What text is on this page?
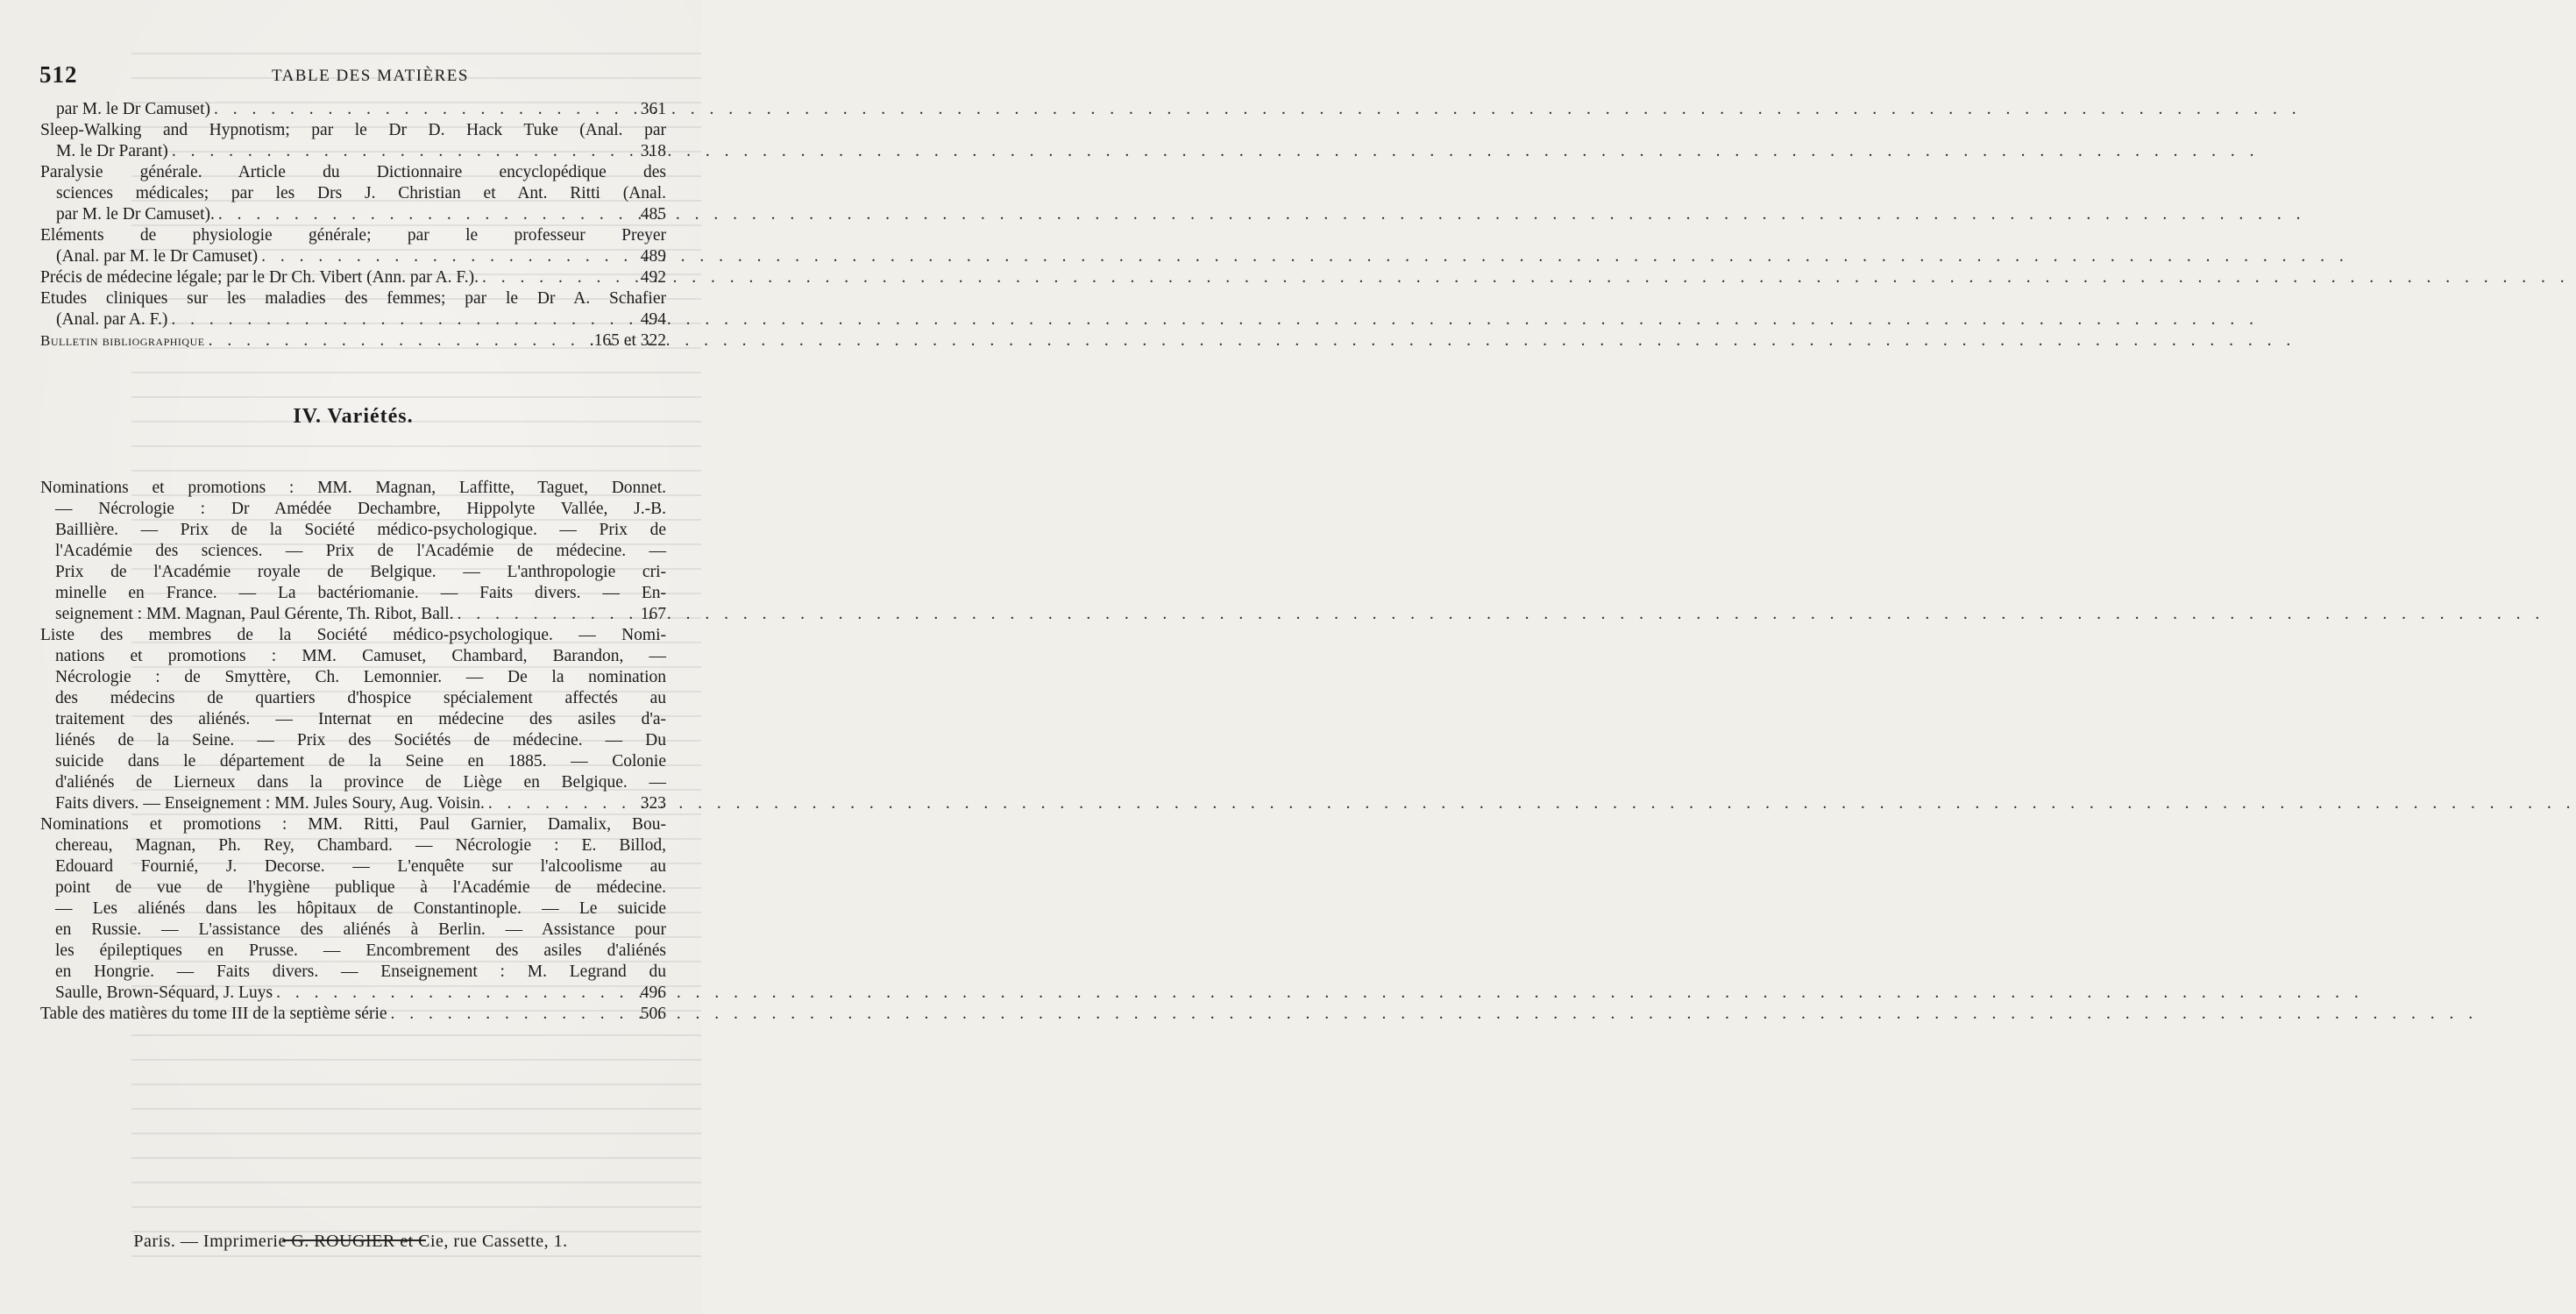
512	TABLE DES MATIÈRES
par M. le Dr Camuset) . . .	361
Sleep-Walking and Hypnotism; par le Dr D. Hack Tuke (Anal. par
M. le Dr Parant) . . .	318
Paralysie générale. Article du Dictionnaire encyclopédique des
sciences médicales; par les Drs J. Christian et Ant. Ritti (Anal.
par M. le Dr Camuset). . . .	485
Eléments de physiologie générale; par le professeur Preyer
(Anal. par M. le Dr Camuset) . . .	489
Précis de médecine légale; par le Dr Ch. Vibert (Ann. par A. F.). . . .	492
Etudes cliniques sur les maladies des femmes; par le Dr A. Schafier
(Anal. par A. F.) . . .	494
Bulletin bibliographique . . .	.165 et 322
IV. Variétés.
Nominations et promotions : MM. Magnan, Laffitte, Taguet, Donnet.
— Nécrologie : Dr Amédée Dechambre, Hippolyte Vallée, J.-B.
Baillière. — Prix de la Société médico-psychologique. — Prix de
l'Académie des sciences. — Prix de l'Académie de médecine. —
Prix de l'Académie royale de Belgique. — L'anthropologie cri-
minelle en France. — La bactériomanie. — Faits divers. — En-
seignement : MM. Magnan, Paul Gérente, Th. Ribot, Ball. . . .	167
Liste des membres de la Société médico-psychologique. — Nomi-
nations et promotions : MM. Camuset, Chambard, Barandon, —
Nécrologie : de Smyttère, Ch. Lemonnier. — De la nomination
des médecins de quartiers d'hospice spécialement affectés au
traitement des aliénés. — Internat en médecine des asiles d'a-
liénés de la Seine. — Prix des Sociétés de médecine. — Du
suicide dans le département de la Seine en 1885. — Colonie
d'aliénés de Lierneux dans la province de Liège en Belgique. —
Faits divers. — Enseignement : MM. Jules Soury, Aug. Voisin. . . .	323
Nominations et promotions : MM. Ritti, Paul Garnier, Damalix, Bou-
chereau, Magnan, Ph. Rey, Chambard. — Nécrologie : E. Billod,
Edouard Fournié, J. Decorse. — L'enquête sur l'alcoolisme au
point de vue de l'hygiène publique à l'Académie de médecine.
— Les aliénés dans les hôpitaux de Constantinople. — Le suicide
en Russie. — L'assistance des aliénés à Berlin. — Assistance pour
les épileptiques en Prusse. — Encombrement des asiles d'aliénés
en Hongrie. — Faits divers. — Enseignement : M. Legrand du
Saulle, Brown-Séquard, J. Luys . . .	496
Table des matières du tome III de la septième série . . .	506
Paris. — Imprimerie G. ROUGIER et Cie, rue Cassette, 1.
